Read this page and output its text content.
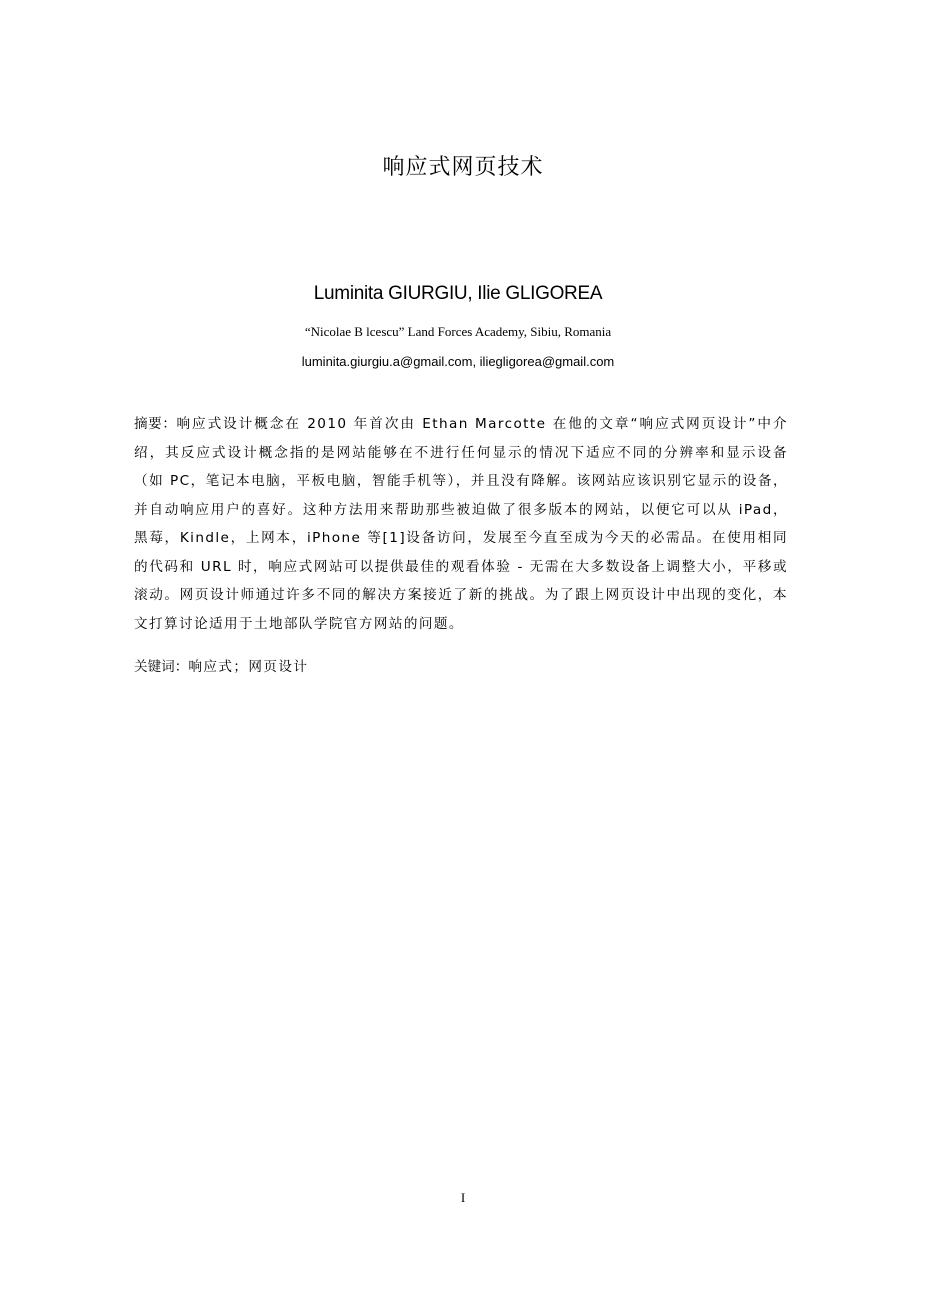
响应式网页技术
Luminita GIURGIU, Ilie GLIGOREA
“Nicolae B lcescu” Land Forces Academy, Sibiu, Romania
luminita.giurgiu.a@gmail.com, iliegligorea@gmail.com
摘要：响应式设计概念在 2010 年首次由 Ethan Marcotte 在他的文章“响应式网页设计”中介绍，其反应式设计概念指的是网站能够在不进行任何显示的情况下适应不同的分辨率和显示设备（如 PC，笔记本电脑，平板电脑，智能手机等），并且没有降解。该网站应该识别它显示的设备，并自动响应用户的喜好。这种方法用来帮助那些被迫做了很多版本的网站，以便它可以从 iPad，黑莓，Kindle，上网本，iPhone 等[1]设备访问，发展至今直至成为今天的必需品。在使用相同的代码和 URL 时，响应式网站可以提供最佳的观看体验 - 无需在大多数设备上调整大小，平移或滚动。网页设计师通过许多不同的解决方案接近了新的挑战。为了跟上网页设计中出现的变化，本文打算讨论适用于土地部队学院官方网站的问题。
关键词：响应式；网页设计
I
